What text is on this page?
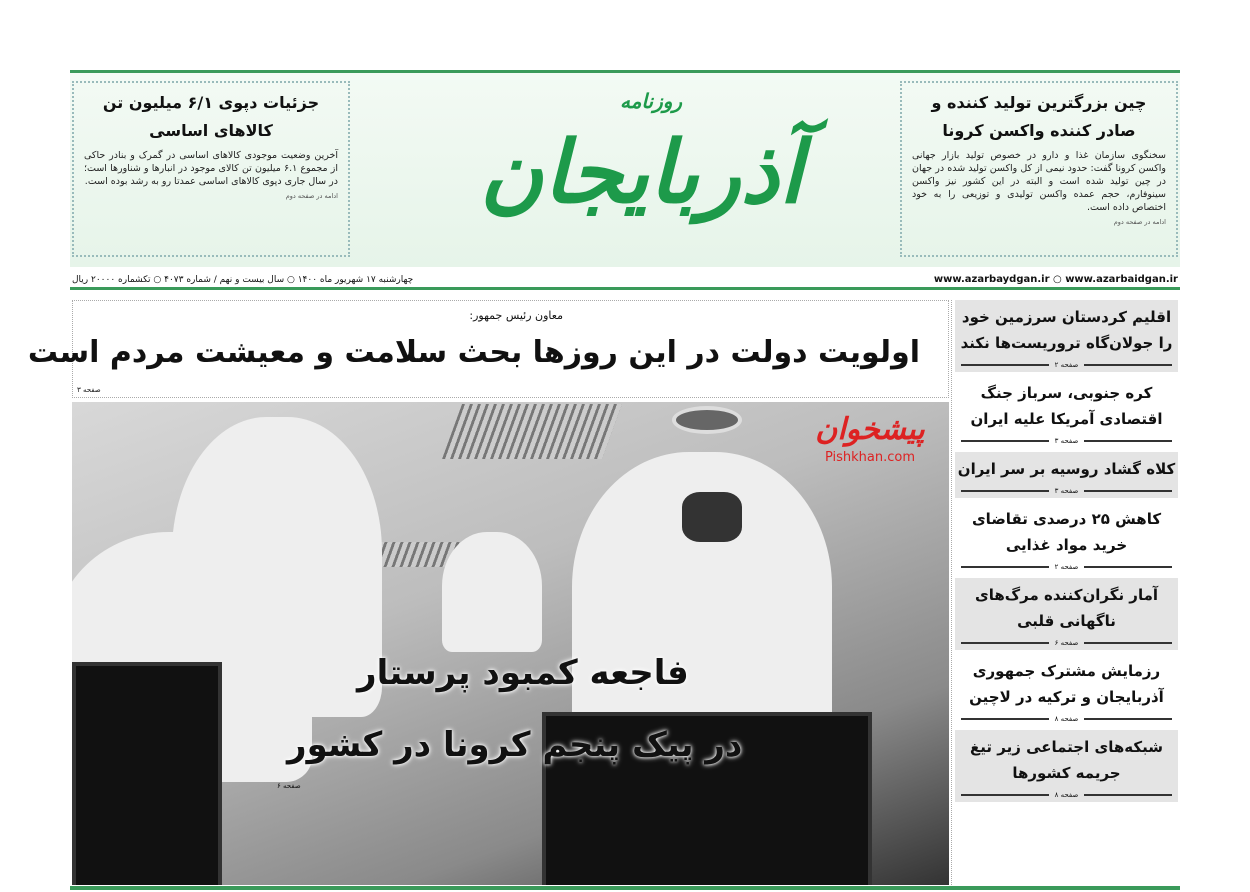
جزئیات دپوی ۶/۱ میلیون تن کالاهای اساسی

آخرین وضعیت موجودی کالاهای اساسی در گمرک و بنادر حاکی از مجموع ۶.۱ میلیون تن کالای موجود در انبارها و شناورها است؛ در سال جاری دپوی کالاهای اساسی عمدتا رو به رشد بوده است.

ادامه در صفحه دوم
روزنامه
آذربایجان
چین بزرگترین تولید کننده و صادر کننده واکسن کرونا

سخنگوی سازمان غذا و دارو در خصوص تولید بازار جهانی واکسن کرونا گفت: حدود نیمی از کل واکسن تولید شده در جهان در چین تولید شده است و البته در این کشور نیز واکسن سینوفارم، حجم عمده واکسن تولیدی و توزیعی را به خود اختصاص داده است.

ادامه در صفحه دوم
چهارشنبه ۱۷ شهریور ماه ۱۴۰۰ ○ سال بیست و نهم / شماره ۴۰۷۳ ○ تکشماره ۲۰۰۰۰ ریال	www.azarbaydgan.ir ○ www.azarbaidgan.ir
معاون رئیس جمهور:
اولویت دولت در این روزها بحث سلامت و معیشت مردم است
صفحه ۳
فاجعه کمبود پرستار
در پیک پنجم کرونا در کشور
صفحه ۶
پیشخوان
Pishkhan.com
اقلیم کردستان سرزمین خود را جولان‌گاه تروریست‌ها نکند
صفحه ۲
کره جنوبی، سرباز جنگ اقتصادی آمریکا علیه ایران
صفحه ۳
کلاه گشاد روسیه بر سر ایران
صفحه ۳
کاهش ۲۵ درصدی تقاضای خرید مواد غذایی
صفحه ۲
آمار نگران‌کننده مرگ‌های ناگهانی قلبی
صفحه ۶
رزمایش مشترک جمهوری آذربایجان و ترکیه در لاچین
صفحه ۸
شبکه‌های اجتماعی زیر تیغ جریمه کشورها
صفحه ۸
